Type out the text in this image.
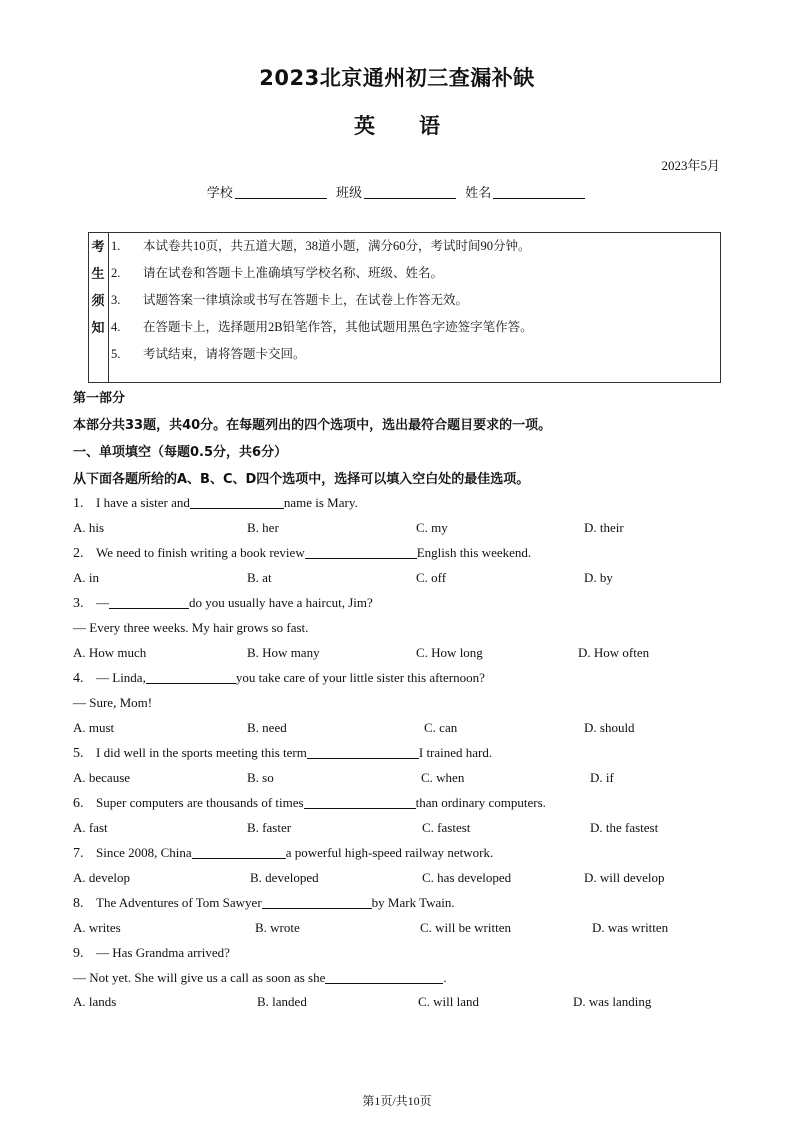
2023北京通州初三查漏补缺
英 语
2023年5月
学校	班级	姓名
考
生
须
知
1. 本试卷共10页，共五道大题，38道小题，满分60分，考试时间90分钟。
2. 请在试卷和答题卡上准确填写学校名称、班级、姓名。
3. 试题答案一律填涂或书写在答题卡上，在试卷上作答无效。
4. 在答题卡上，选择题用2B铅笔作答，其他试题用黑色字迹签字笔作答。
5. 考试结束，请将答题卡交回。
第一部分
本部分共33题，共40分。在每题列出的四个选项中，选出最符合题目要求的一项。
一、单项填空（每题0.5分，共6分）
从下面各题所给的A、B、C、D四个选项中，选择可以填入空白处的最佳选项。
1. I have a sister and	name is Mary.
A. his	B. her	C. my	D. their
2. We need to finish writing a book review	English this weekend.
A. in	B. at	C. off	D. by
3. —	do you usually have a haircut, Jim?
— Every three weeks. My hair grows so fast.
A. How much	B. How many	C. How long	D. How often
4. — Linda,	you take care of your little sister this afternoon?
— Sure, Mom!
A. must	B. need	C. can	D. should
5. I did well in the sports meeting this term	I trained hard.
A. because	B. so	C. when	D. if
6. Super computers are thousands of times	than ordinary computers.
A. fast	B. faster	C. fastest	D. the fastest
7. Since 2008, China	a powerful high-speed railway network.
A. develop	B. developed	C. has developed	D. will develop
8. The Adventures of Tom Sawyer	by Mark Twain.
A. writes	B. wrote	C. will be written	D. was written
9. — Has Grandma arrived?
— Not yet. She will give us a call as soon as she	.
A. lands	B. landed	C. will land	D. was landing
第1页/共10页
